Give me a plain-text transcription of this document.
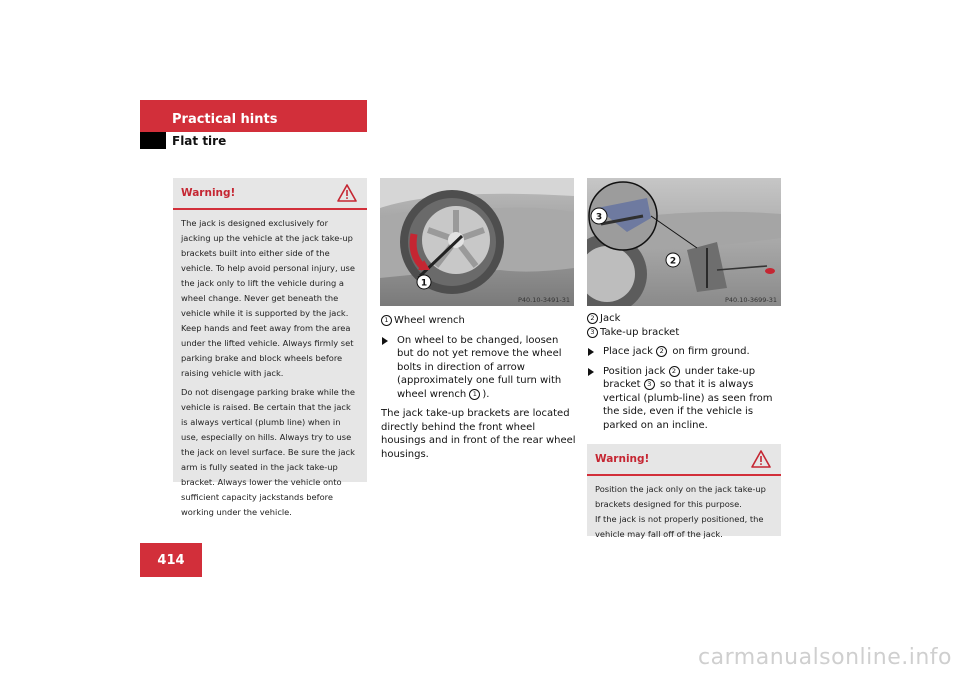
Practical hints
Flat tire
Warning!

The jack is designed exclusively for jacking up the vehicle at the jack take-up brackets built into either side of the vehicle. To help avoid personal injury, use the jack only to lift the vehicle during a wheel change. Never get beneath the vehicle while it is supported by the jack. Keep hands and feet away from the area under the lifted vehicle. Always firmly set parking brake and block wheels before raising vehicle with jack.

Do not disengage parking brake while the vehicle is raised. Be certain that the jack is always vertical (plumb line) when in use, especially on hills. Always try to use the jack on level surface. Be sure the jack arm is fully seated in the jack take-up bracket. Always lower the vehicle onto sufficient capacity jackstands before working under the vehicle.

1
P40.10-3491-31
3
2
P40.10-3699-31

1 Wheel wrench

On wheel to be changed, loosen but do not yet remove the wheel bolts in direction of arrow (approximately one full turn with wheel wrench 1 ).

The jack take-up brackets are located directly behind the front wheel housings and in front of the rear wheel housings.

2 Jack

3 Take-up bracket

Place jack 2 on firm ground.

Position jack 2 under take-up bracket 3 so that it is always vertical (plumb-line) as seen from the side, even if the vehicle is parked on an incline.

Warning!

Position the jack only on the jack take-up brackets designed for this purpose.

If the jack is not properly positioned, the vehicle may fall off of the jack.

414
carmanualsonline.info
